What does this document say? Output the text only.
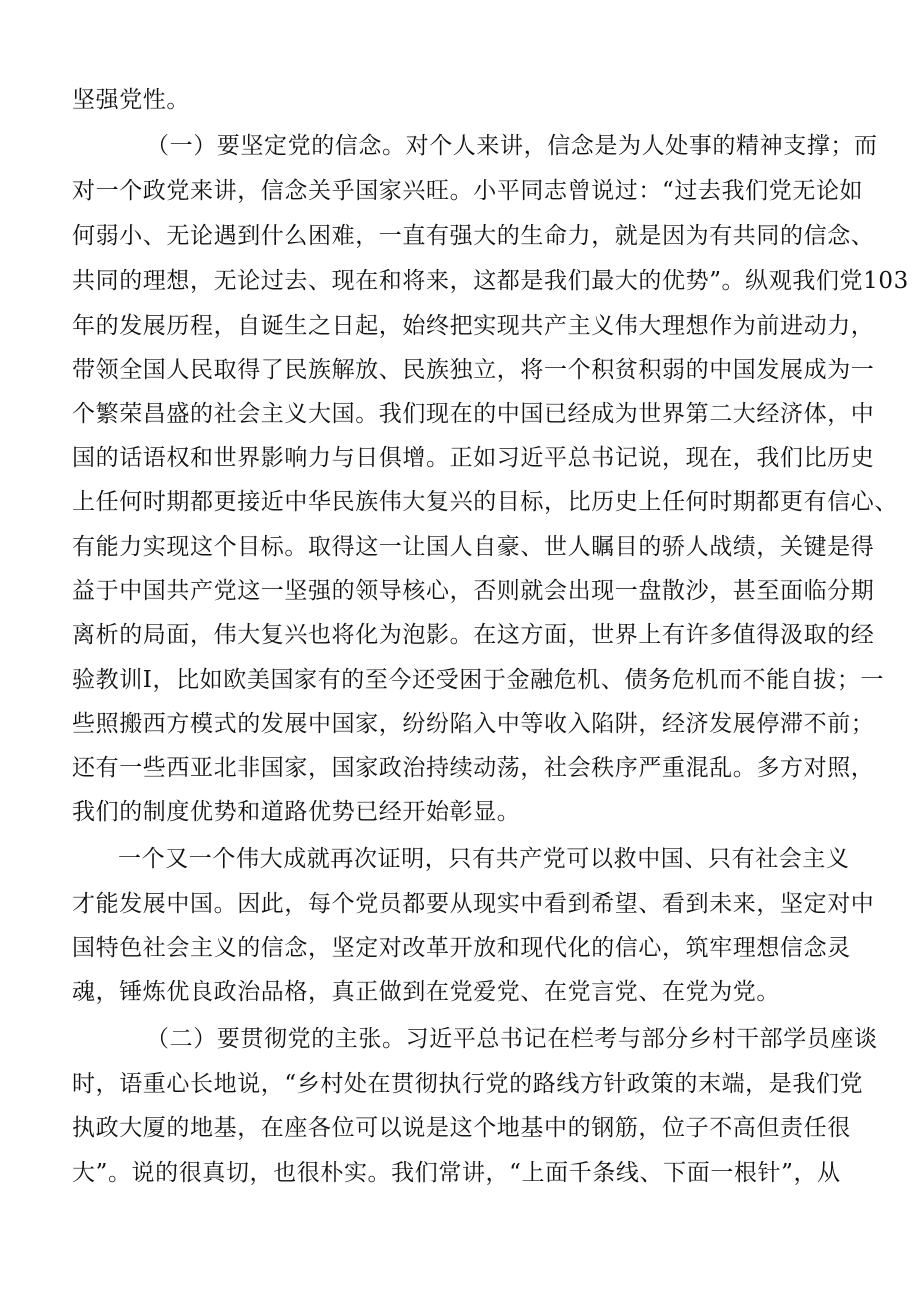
坚强党性。
（一）要坚定党的信念。对个人来讲，信念是为人处事的精神支撑；而
对一个政党来讲，信念关乎国家兴旺。小平同志曾说过：“过去我们党无论如
何弱小、无论遇到什么困难，一直有强大的生命力，就是因为有共同的信念、
共同的理想，无论过去、现在和将来，这都是我们最大的优势”。纵观我们党103
年的发展历程，自诞生之日起，始终把实现共产主义伟大理想作为前进动力，
带领全国人民取得了民族解放、民族独立，将一个积贫积弱的中国发展成为一
个繁荣昌盛的社会主义大国。我们现在的中国已经成为世界第二大经济体，中
国的话语权和世界影响力与日俱增。正如习近平总书记说，现在，我们比历史
上任何时期都更接近中华民族伟大复兴的目标，比历史上任何时期都更有信心、
有能力实现这个目标。取得这一让国人自豪、世人瞩目的骄人战绩，关键是得
益于中国共产党这一坚强的领导核心，否则就会出现一盘散沙，甚至面临分期
离析的局面，伟大复兴也将化为泡影。在这方面，世界上有许多值得汲取的经
验教训I，比如欧美国家有的至今还受困于金融危机、债务危机而不能自拔；一
些照搬西方模式的发展中国家，纷纷陷入中等收入陷阱，经济发展停滞不前；
还有一些西亚北非国家，国家政治持续动荡，社会秩序严重混乱。多方对照，
我们的制度优势和道路优势已经开始彰显。
一个又一个伟大成就再次证明，只有共产党可以救中国、只有社会主义
才能发展中国。因此，每个党员都要从现实中看到希望、看到未来，坚定对中
国特色社会主义的信念，坚定对改革开放和现代化的信心，筑牢理想信念灵
魂，锤炼优良政治品格，真正做到在党爱党、在党言党、在党为党。
（二）要贯彻党的主张。习近平总书记在栏考与部分乡村干部学员座谈
时，语重心长地说，“乡村处在贯彻执行党的路线方针政策的末端，是我们党
执政大厦的地基，在座各位可以说是这个地基中的钢筋，位子不高但责任很
大”。说的很真切，也很朴实。我们常讲，“上面千条线、下面一根针”，从
